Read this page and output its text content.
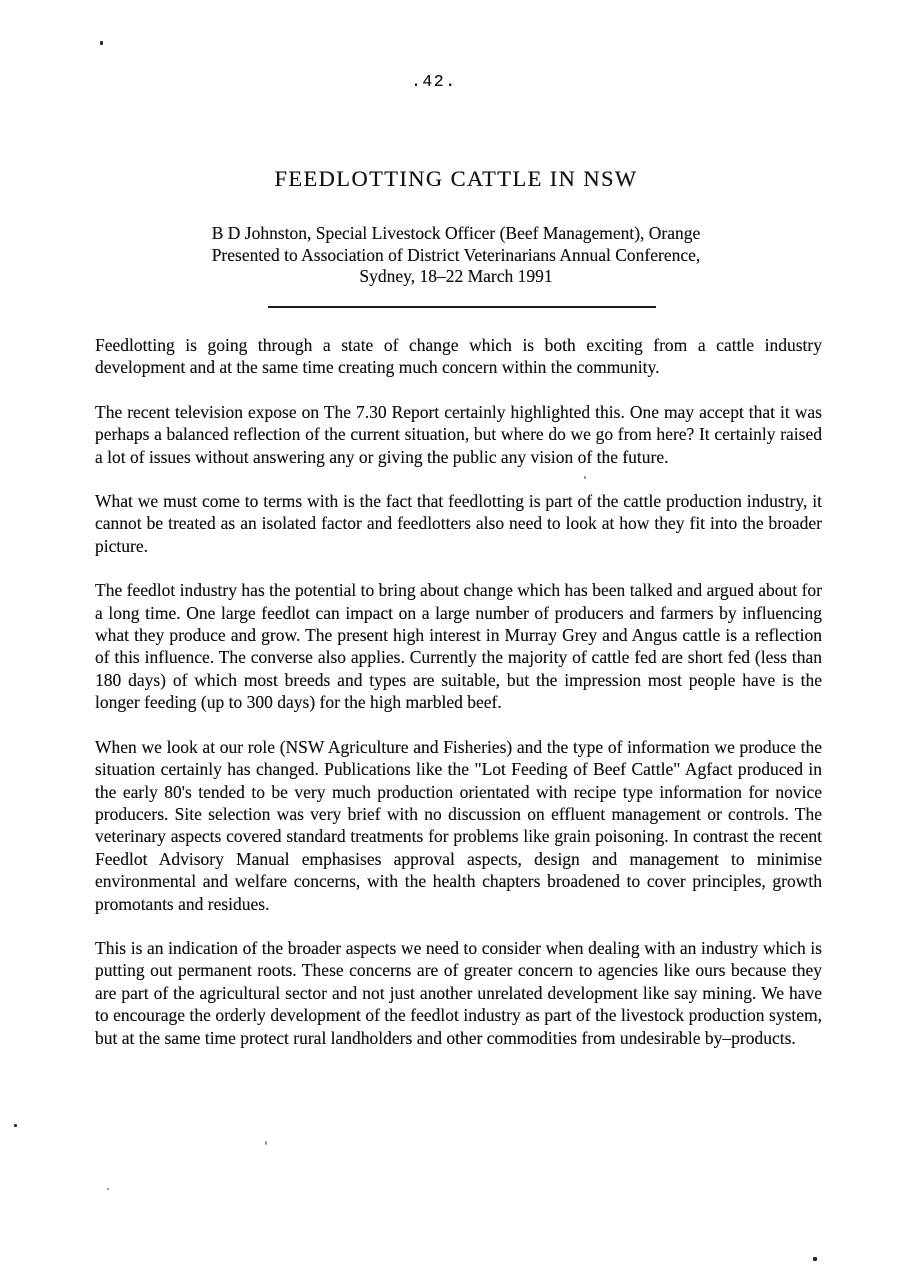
.42.
FEEDLOTTING CATTLE IN NSW
B D Johnston, Special Livestock Officer (Beef Management), Orange
Presented to Association of District Veterinarians Annual Conference,
Sydney, 18–22 March 1991

Feedlotting is going through a state of change which is both exciting from a cattle industry development and at the same time creating much concern within the community.

The recent television expose on The 7.30 Report certainly highlighted this. One may accept that it was perhaps a balanced reflection of the current situation, but where do we go from here? It certainly raised a lot of issues without answering any or giving the public any vision of the future.

What we must come to terms with is the fact that feedlotting is part of the cattle production industry, it cannot be treated as an isolated factor and feedlotters also need to look at how they fit into the broader picture.

The feedlot industry has the potential to bring about change which has been talked and argued about for a long time. One large feedlot can impact on a large number of producers and farmers by influencing what they produce and grow. The present high interest in Murray Grey and Angus cattle is a reflection of this influence. The converse also applies. Currently the majority of cattle fed are short fed (less than 180 days) of which most breeds and types are suitable, but the impression most people have is the longer feeding (up to 300 days) for the high marbled beef.

When we look at our role (NSW Agriculture and Fisheries) and the type of information we produce the situation certainly has changed. Publications like the "Lot Feeding of Beef Cattle" Agfact produced in the early 80's tended to be very much production orientated with recipe type information for novice producers. Site selection was very brief with no discussion on effluent management or controls. The veterinary aspects covered standard treatments for problems like grain poisoning. In contrast the recent Feedlot Advisory Manual emphasises approval aspects, design and management to minimise environmental and welfare concerns, with the health chapters broadened to cover principles, growth promotants and residues.

This is an indication of the broader aspects we need to consider when dealing with an industry which is putting out permanent roots. These concerns are of greater concern to agencies like ours because they are part of the agricultural sector and not just another unrelated development like say mining. We have to encourage the orderly development of the feedlot industry as part of the livestock production system, but at the same time protect rural landholders and other commodities from undesirable by–products.
